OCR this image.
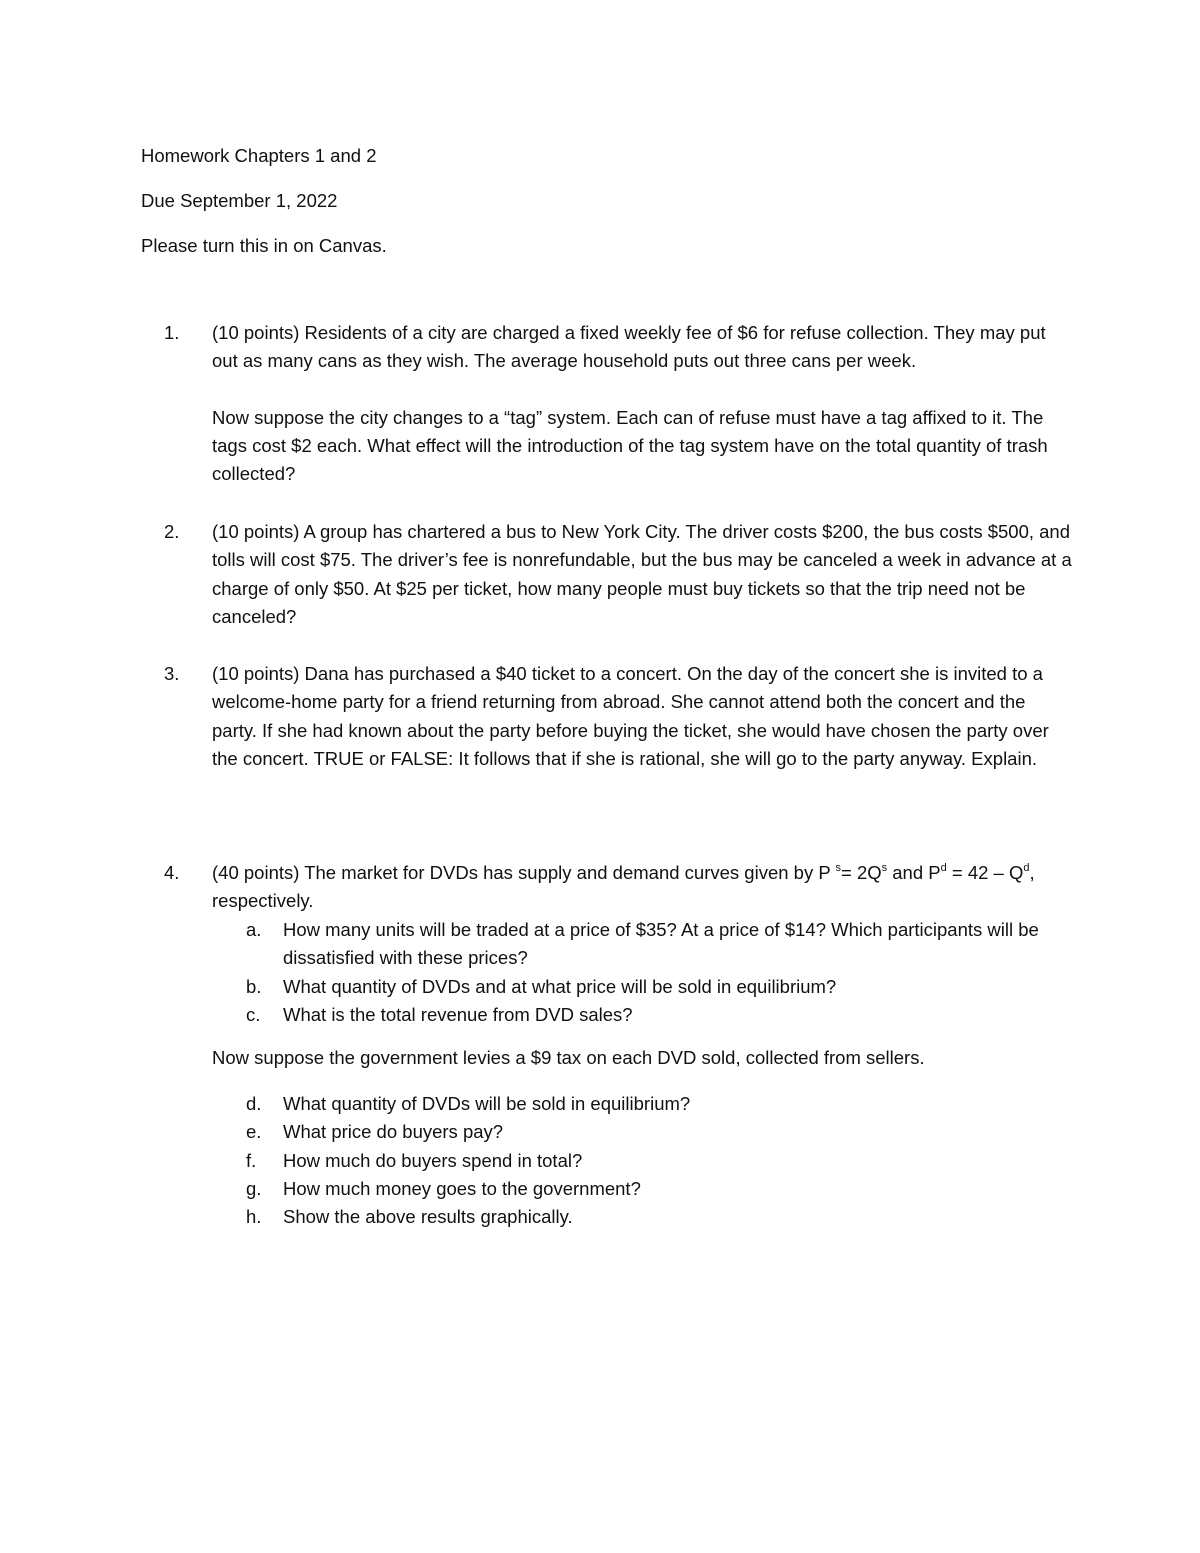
Homework Chapters 1 and 2
Due September 1, 2022
Please turn this in on Canvas.
1. (10 points) Residents of a city are charged a fixed weekly fee of $6 for refuse collection. They may put out as many cans as they wish. The average household puts out three cans per week.

Now suppose the city changes to a “tag” system. Each can of refuse must have a tag affixed to it. The tags cost $2 each. What effect will the introduction of the tag system have on the total quantity of trash collected?

2. (10 points) A group has chartered a bus to New York City. The driver costs $200, the bus costs $500, and tolls will cost $75. The driver’s fee is nonrefundable, but the bus may be canceled a week in advance at a charge of only $50. At $25 per ticket, how many people must buy tickets so that the trip need not be canceled?

3. (10 points) Dana has purchased a $40 ticket to a concert. On the day of the concert she is invited to a welcome-home party for a friend returning from abroad. She cannot attend both the concert and the party. If she had known about the party before buying the ticket, she would have chosen the party over the concert. TRUE or FALSE: It follows that if she is rational, she will go to the party anyway. Explain.

4. (40 points) The market for DVDs has supply and demand curves given by P $^s= 2Q^s$ and $P^d = 42 - Q^d$, respectively.

a. How many units will be traded at a price of $35? At a price of $14? Which participants will be dissatisfied with these prices?
b. What quantity of DVDs and at what price will be sold in equilibrium?
c. What is the total revenue from DVD sales?

Now suppose the government levies a $9 tax on each DVD sold, collected from sellers.

d. What quantity of DVDs will be sold in equilibrium?
e. What price do buyers pay?
f. How much do buyers spend in total?
g. How much money goes to the government?
h. Show the above results graphically.
